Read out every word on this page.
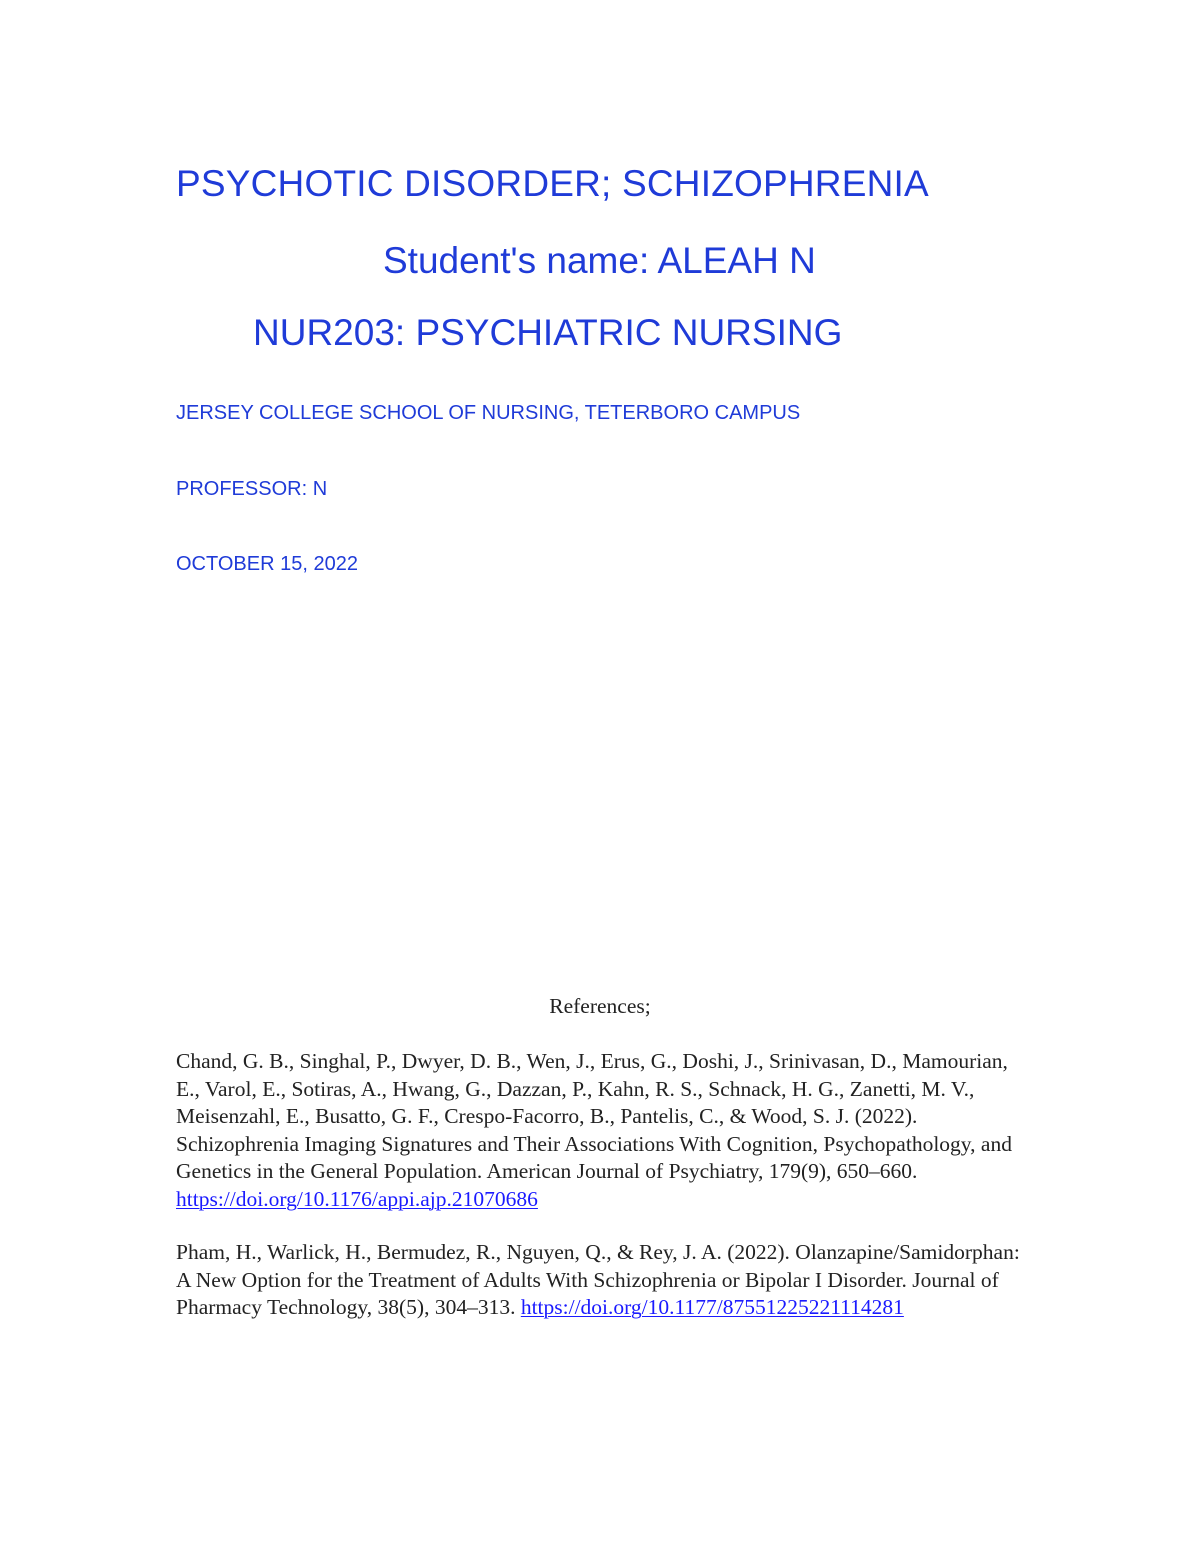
PSYCHOTIC DISORDER; SCHIZOPHRENIA
Student's name: ALEAH N
NUR203: PSYCHIATRIC NURSING
JERSEY COLLEGE SCHOOL OF NURSING, TETERBORO CAMPUS
PROFESSOR: N
OCTOBER 15, 2022
References;

Chand, G. B., Singhal, P., Dwyer, D. B., Wen, J., Erus, G., Doshi, J., Srinivasan, D., Mamourian, E., Varol, E., Sotiras, A., Hwang, G., Dazzan, P., Kahn, R. S., Schnack, H. G., Zanetti, M. V., Meisenzahl, E., Busatto, G. F., Crespo-Facorro, B., Pantelis, C., & Wood, S. J. (2022). Schizophrenia Imaging Signatures and Their Associations With Cognition, Psychopathology, and Genetics in the General Population. American Journal of Psychiatry, 179(9), 650–660. https://doi.org/10.1176/appi.ajp.21070686

Pham, H., Warlick, H., Bermudez, R., Nguyen, Q., & Rey, J. A. (2022). Olanzapine/Samidorphan: A New Option for the Treatment of Adults With Schizophrenia or Bipolar I Disorder. Journal of Pharmacy Technology, 38(5), 304–313. https://doi.org/10.1177/87551225221114281
